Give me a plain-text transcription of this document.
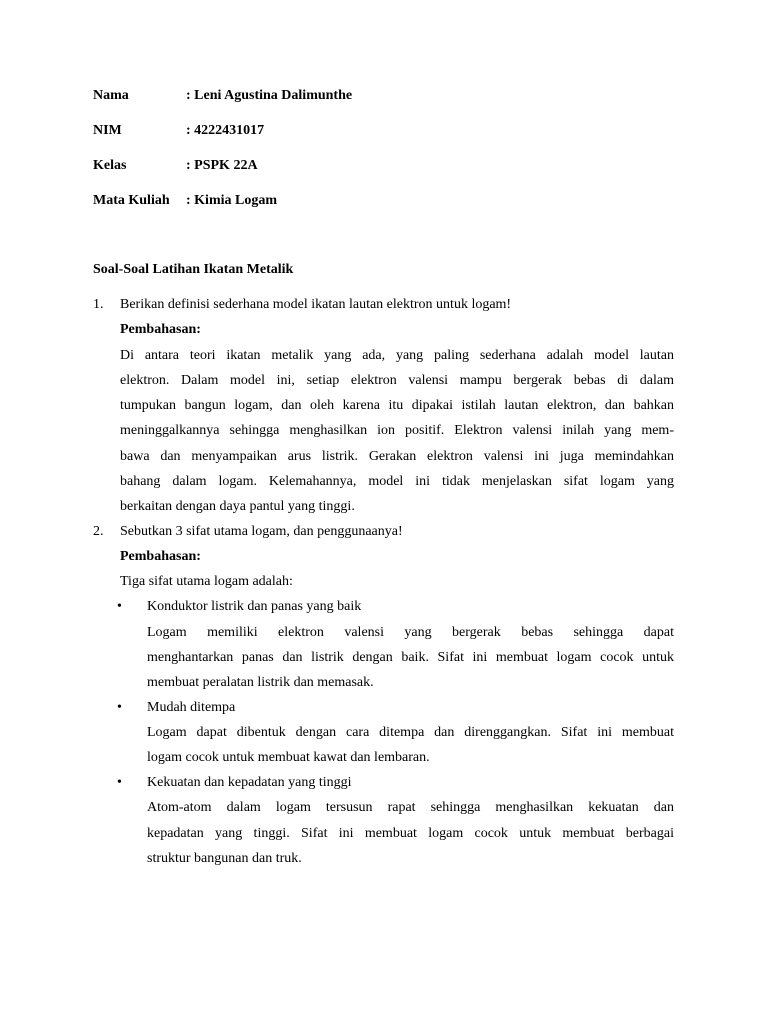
Nama	: Leni Agustina Dalimunthe
NIM	: 4222431017
Kelas	: PSPK 22A
Mata Kuliah : Kimia Logam
Soal-Soal Latihan Ikatan Metalik
1. Berikan definisi sederhana model ikatan lautan elektron untuk logam!
Pembahasan:
Di antara teori ikatan metalik yang ada, yang paling sederhana adalah model lautan
elektron. Dalam model ini, setiap elektron valensi mampu bergerak bebas di dalam
tumpukan bangun logam, dan oleh karena itu dipakai istilah lautan elektron, dan bahkan
meninggalkannya sehingga menghasilkan ion positif. Elektron valensi inilah yang mem-
bawa dan menyampaikan arus listrik. Gerakan elektron valensi ini juga memindahkan
bahang dalam logam. Kelemahannya, model ini tidak menjelaskan sifat logam yang
berkaitan dengan daya pantul yang tinggi.
2. Sebutkan 3 sifat utama logam, dan penggunaanya!
Pembahasan:
Tiga sifat utama logam adalah:
• Konduktor listrik dan panas yang baik
Logam memiliki elektron valensi yang bergerak bebas sehingga dapat
menghantarkan panas dan listrik dengan baik. Sifat ini membuat logam cocok untuk
membuat peralatan listrik dan memasak.
• Mudah ditempa
Logam dapat dibentuk dengan cara ditempa dan direnggangkan. Sifat ini membuat
logam cocok untuk membuat kawat dan lembaran.
• Kekuatan dan kepadatan yang tinggi
Atom-atom dalam logam tersusun rapat sehingga menghasilkan kekuatan dan
kepadatan yang tinggi. Sifat ini membuat logam cocok untuk membuat berbagai
struktur bangunan dan truk.
